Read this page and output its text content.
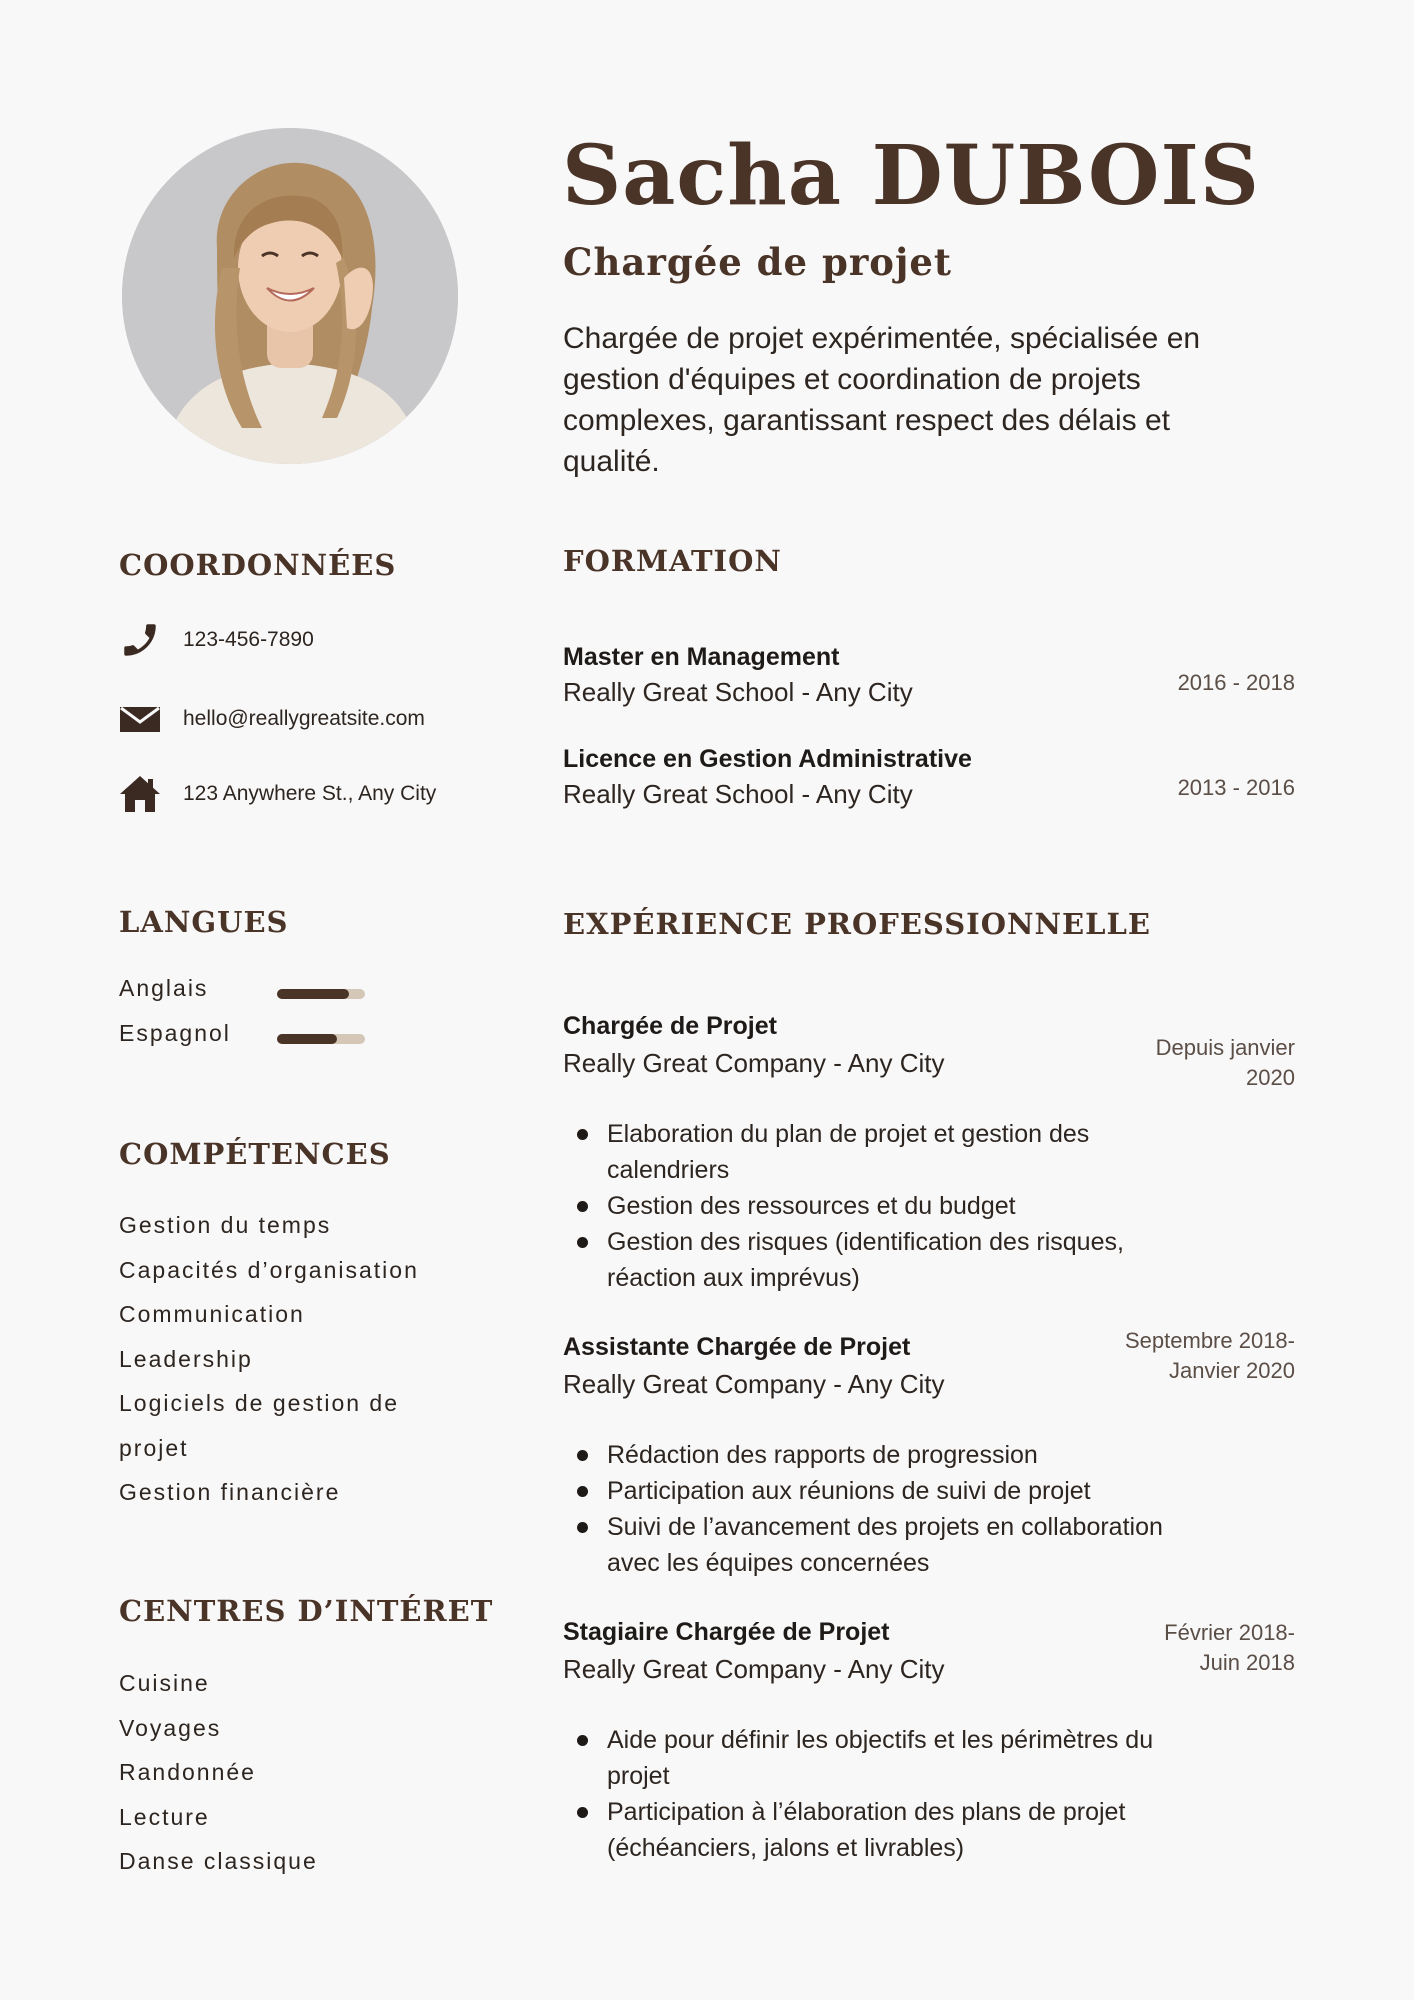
Sacha DUBOIS
Chargée de projet
Chargée de projet expérimentée, spécialisée en gestion d'équipes et coordination de projets complexes, garantissant respect des délais et qualité.
COORDONNÉES
123-456-7890
hello@reallygreatsite.com
123 Anywhere St., Any City
LANGUES
Anglais
Espagnol
COMPÉTENCES
Gestion du temps
Capacités d’organisation
Communication
Leadership
Logiciels de gestion de
projet
Gestion financière
CENTRES D’INTÉRET
Cuisine
Voyages
Randonnée
Lecture
Danse classique
FORMATION
Master en Management
Really Great School - Any City	2016 - 2018
Licence en Gestion Administrative
Really Great School - Any City	2013 - 2016
EXPÉRIENCE PROFESSIONNELLE
Chargée de Projet
Really Great Company - Any City
Depuis janvier
2020
Elaboration du plan de projet et gestion des calendriers
Gestion des ressources et du budget
Gestion des risques (identification des risques, réaction aux imprévus)
Assistante Chargée de Projet
Really Great Company - Any City
Septembre 2018-
Janvier 2020
Rédaction des rapports de progression
Participation aux réunions de suivi de projet
Suivi de l’avancement des projets en collaboration avec les équipes concernées
Stagiaire Chargée de Projet
Really Great Company - Any City
Février 2018-
Juin 2018
Aide pour définir les objectifs et les périmètres du projet
Participation à l’élaboration des plans de projet (échéanciers, jalons et livrables)
